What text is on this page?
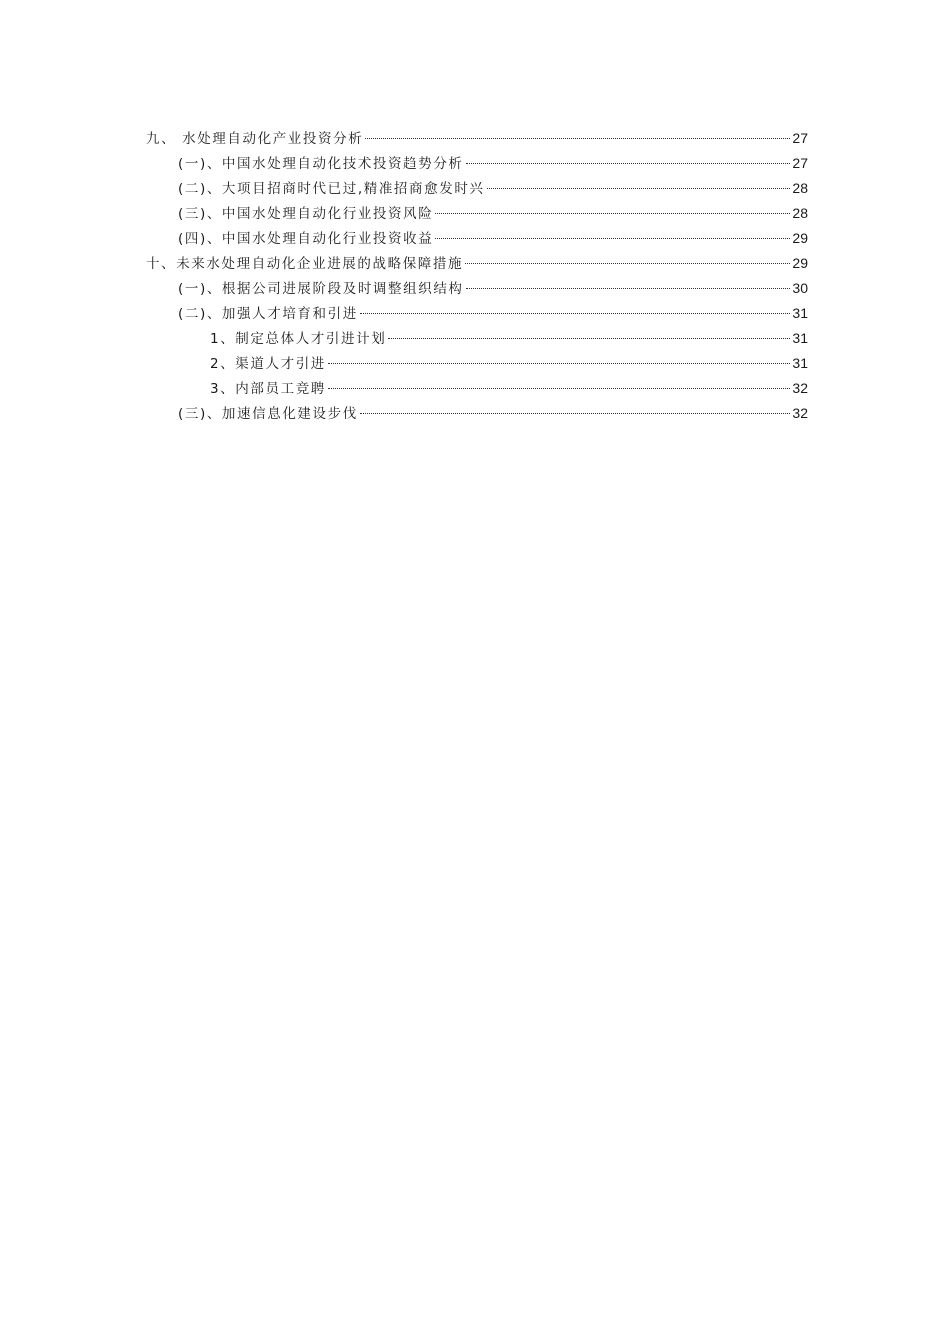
九、 水处理自动化产业投资分析	27
(一)、中国水处理自动化技术投资趋势分析	27
(二)、大项目招商时代已过,精准招商愈发时兴	28
(三)、中国水处理自动化行业投资风险	28
(四)、中国水处理自动化行业投资收益	29
十、未来水处理自动化企业进展的战略保障措施	29
(一)、根据公司进展阶段及时调整组织结构	30
(二)、加强人才培育和引进	31
1、制定总体人才引进计划	31
2、渠道人才引进	31
3、内部员工竞聘	32
(三)、加速信息化建设步伐	32
